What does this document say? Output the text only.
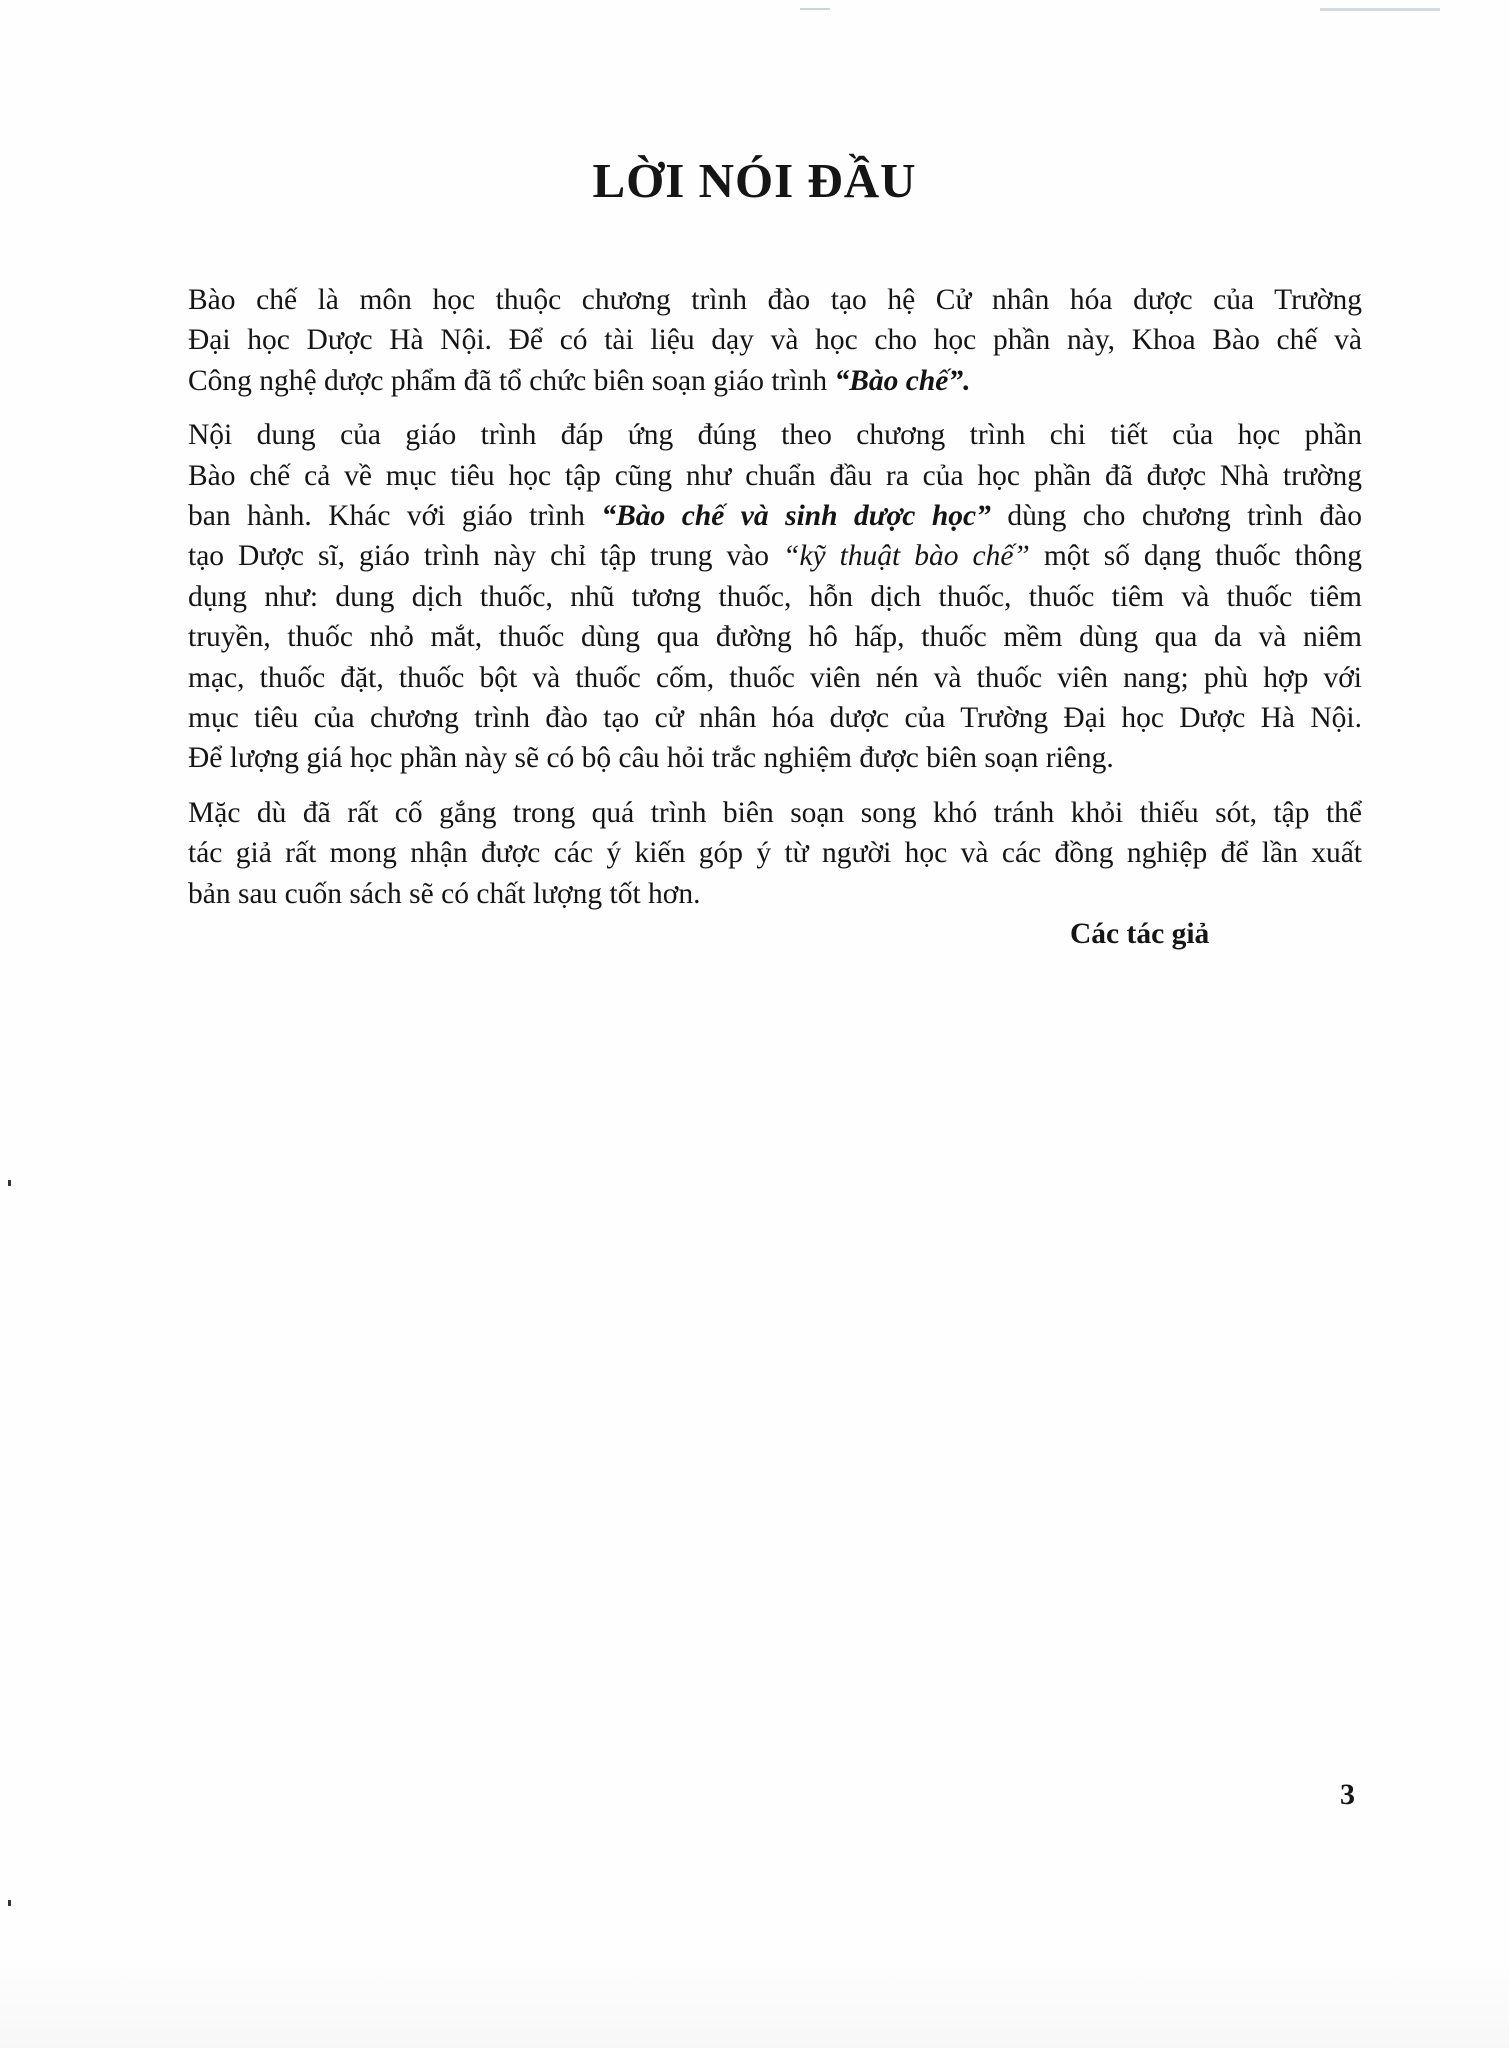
LỜI NÓI ĐẦU

Bào chế là môn học thuộc chương trình đào tạo hệ Cử nhân hóa dược của Trường
Đại học Dược Hà Nội. Để có tài liệu dạy và học cho học phần này, Khoa Bào chế và
Công nghệ dược phẩm đã tổ chức biên soạn giáo trình “Bào chế”.

Nội dung của giáo trình đáp ứng đúng theo chương trình chi tiết của học phần
Bào chế cả về mục tiêu học tập cũng như chuẩn đầu ra của học phần đã được Nhà trường
ban hành. Khác với giáo trình “Bào chế và sinh dược học” dùng cho chương trình đào
tạo Dược sĩ, giáo trình này chỉ tập trung vào “kỹ thuật bào chế” một số dạng thuốc thông
dụng như: dung dịch thuốc, nhũ tương thuốc, hỗn dịch thuốc, thuốc tiêm và thuốc tiêm
truyền, thuốc nhỏ mắt, thuốc dùng qua đường hô hấp, thuốc mềm dùng qua da và niêm
mạc, thuốc đặt, thuốc bột và thuốc cốm, thuốc viên nén và thuốc viên nang; phù hợp với
mục tiêu của chương trình đào tạo cử nhân hóa dược của Trường Đại học Dược Hà Nội.
Để lượng giá học phần này sẽ có bộ câu hỏi trắc nghiệm được biên soạn riêng.

Mặc dù đã rất cố gắng trong quá trình biên soạn song khó tránh khỏi thiếu sót, tập thể
tác giả rất mong nhận được các ý kiến góp ý từ người học và các đồng nghiệp để lần xuất
bản sau cuốn sách sẽ có chất lượng tốt hơn.

Các tác giả
3
